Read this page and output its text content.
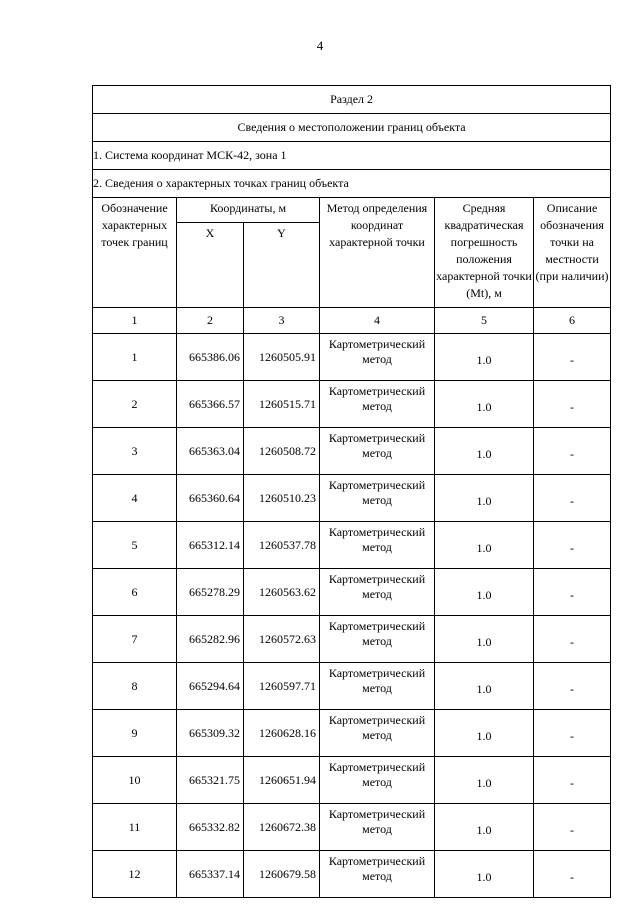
4
Раздел 2					
Сведения о местоположении границ объекта					
1. Система координат МСК-42, зона 1					
2. Сведения о характерных точках границ объекта					
Обозначение характерных точек границ	Координаты, м		Метод определения координат характерной точки	Средняя квадратическая погрешность положения характерной точки (Mt), м	Описание обозначения точки на местности (при наличии)
	X	Y			
1	2	3	4	5	6
1	665386.06	1260505.91	Картометрический метод	1.0	-
2	665366.57	1260515.71	Картометрический метод	1.0	-
3	665363.04	1260508.72	Картометрический метод	1.0	-
4	665360.64	1260510.23	Картометрический метод	1.0	-
5	665312.14	1260537.78	Картометрический метод	1.0	-
6	665278.29	1260563.62	Картометрический метод	1.0	-
7	665282.96	1260572.63	Картометрический метод	1.0	-
8	665294.64	1260597.71	Картометрический метод	1.0	-
9	665309.32	1260628.16	Картометрический метод	1.0	-
10	665321.75	1260651.94	Картометрический метод	1.0	-
11	665332.82	1260672.38	Картометрический метод	1.0	-
12	665337.14	1260679.58	Картометрический метод	1.0	-
